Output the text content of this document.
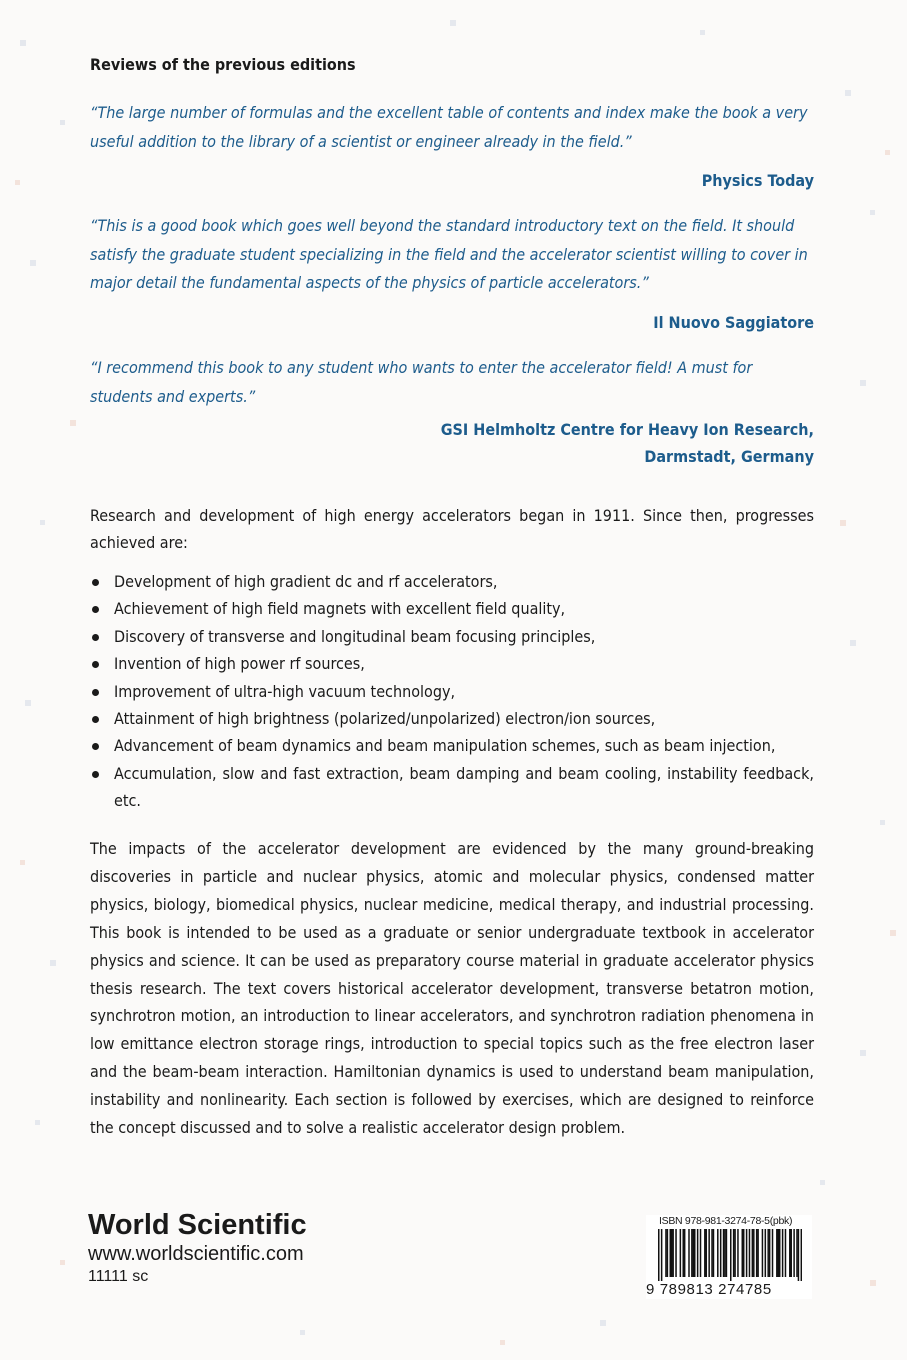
Reviews of the previous editions
“The large number of formulas and the excellent table of contents and index make the book a very useful addition to the library of a scientist or engineer already in the field.”
Physics Today
“This is a good book which goes well beyond the standard introductory text on the field. It should satisfy the graduate student specializing in the field and the accelerator scientist willing to cover in major detail the fundamental aspects of the physics of particle accelerators.”
Il Nuovo Saggiatore
“I recommend this book to any student who wants to enter the accelerator field! A must for students and experts.”
GSI Helmholtz Centre for Heavy Ion Research,
Darmstadt, Germany
Research and development of high energy accelerators began in 1911. Since then, progresses achieved are:
Development of high gradient dc and rf accelerators,
Achievement of high field magnets with excellent field quality,
Discovery of transverse and longitudinal beam focusing principles,
Invention of high power rf sources,
Improvement of ultra-high vacuum technology,
Attainment of high brightness (polarized/unpolarized) electron/ion sources,
Advancement of beam dynamics and beam manipulation schemes, such as beam injection,
Accumulation, slow and fast extraction, beam damping and beam cooling, instability feedback, etc.
The impacts of the accelerator development are evidenced by the many ground-breaking discoveries in particle and nuclear physics, atomic and molecular physics, condensed matter physics, biology, biomedical physics, nuclear medicine, medical therapy, and industrial processing. This book is intended to be used as a graduate or senior undergraduate textbook in accelerator physics and science. It can be used as preparatory course material in graduate accelerator physics thesis research. The text covers historical accelerator development, transverse betatron motion, synchrotron motion, an introduction to linear accelerators, and synchrotron radiation phenomena in low emittance electron storage rings, introduction to special topics such as the free electron laser and the beam-beam interaction. Hamiltonian dynamics is used to understand beam manipulation, instability and nonlinearity. Each section is followed by exercises, which are designed to reinforce the concept discussed and to solve a realistic accelerator design problem.
World Scientific
www.worldscientific.com
11111 sc
ISBN 978-981-3274-78-5(pbk)
9 789813 274785
